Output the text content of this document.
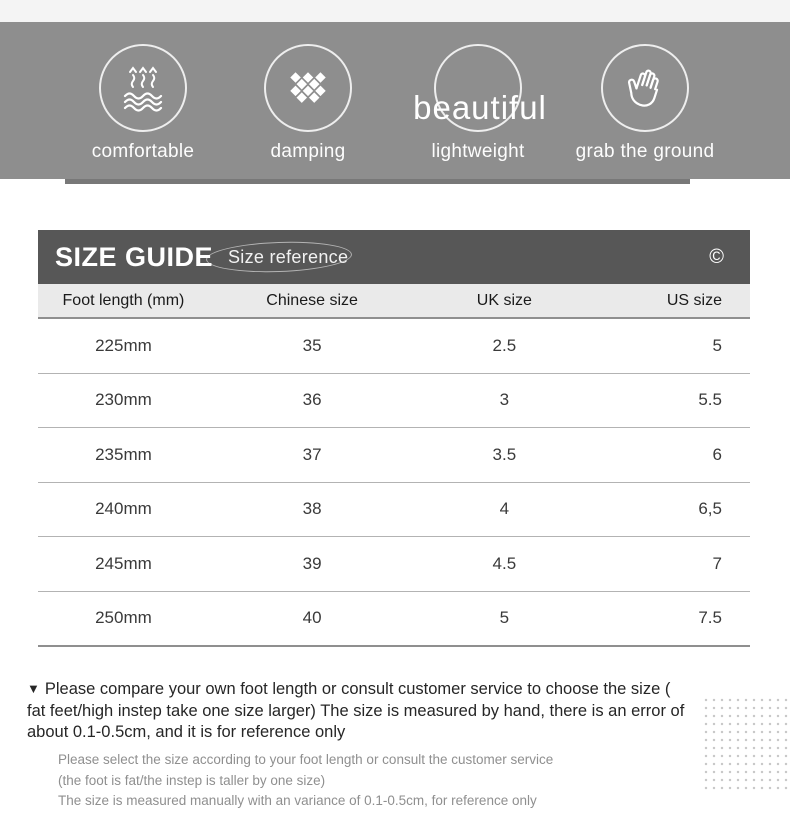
comfortable	damping	lightweight	grab the ground
beautiful
SIZE GUIDE Size reference	©
Foot length (mm)	Chinese size	UK size	US size
225mm	35	2.5	5
230mm	36	3	5.5
235mm	37	3.5	6
240mm	38	4	6,5
245mm	39	4.5	7
250mm	40	5	7.5
▼ Please compare your own foot length or consult customer service to choose the size (
fat feet/high instep take one size larger) The size is measured by hand, there is an error of
about 0.1-0.5cm, and it is for reference only
Please select the size according to your foot length or consult the customer service
(the foot is fat/the instep is taller by one size)
The size is measured manually with an variance of 0.1-0.5cm, for reference only
